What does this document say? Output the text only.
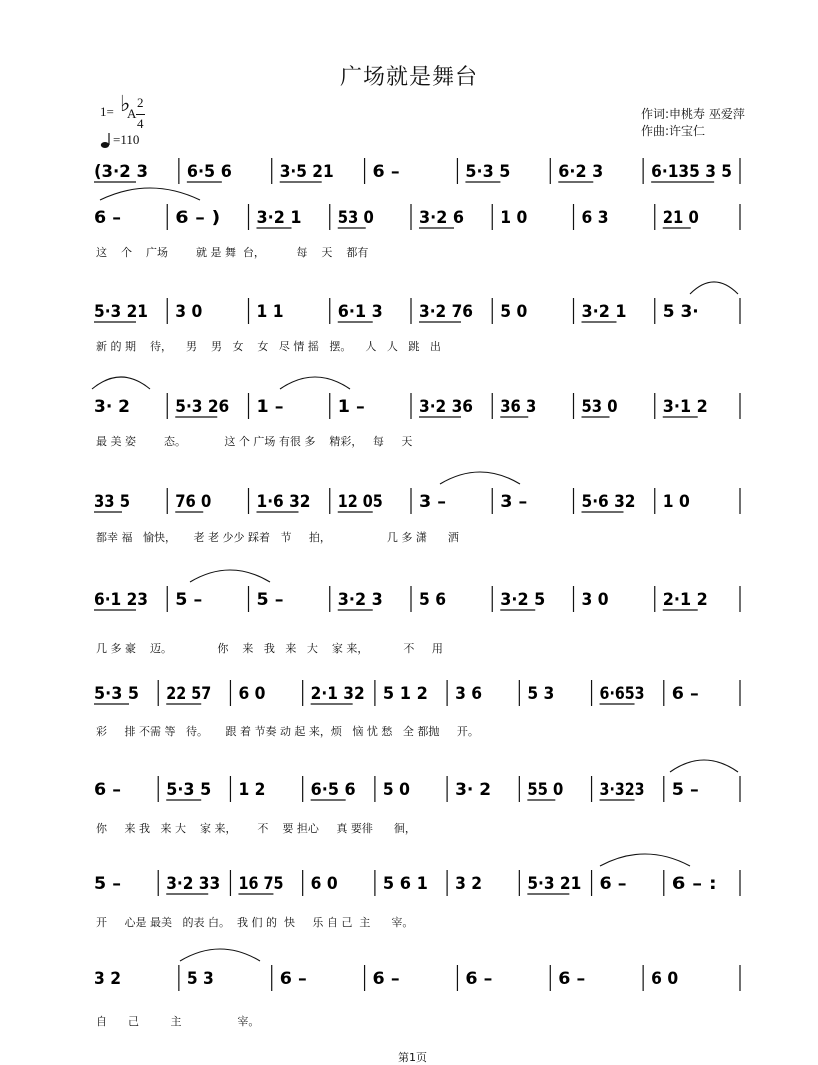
广场就是舞台
1= ♭
A
2
4
=110
作词:申桃寿 巫爱萍
作曲:许宝仁
(3·2 3 6·5 6	3·5 21 6 –	5·3 5	6·2 3	6·135 3 5
6 –	6 – ) 3·2 1 53 0	3·2 6 1 0	6 3	21 0
这    个    广场        就 是 舞  台，         每    天    都有
5·3 21 3 0	1 1	6·1 3 3·2 76 5 0	3·2 1 5 3·
新 的 期    待，    男    男   女    女   尽 情 摇   摆。    人   人   跳   出
3· 2	5·3 26 1 –	1 –	3·2 36 36 3	53 0	3·1 2
最 美 姿        态。           这 个 广场 有很 多    精彩，   每     天
33 5	76 0	1·6 32 12 05 3 –	3 –	5·6 32 1 0
都幸 福   愉快，     老 老 少少 踩着   节     拍，                几 多 潇      洒
6·1 23 5 –	5 –	3·2 3 5 6	3·2 5 3 0	2·1 2
几 多 豪    迈。             你    来   我   来   大    家 来，          不     用
5·3 5 22 57 6 0	2·1 32 5 1 2 3 6	5 3	6·653 6 –
彩     排 不需 等   待。     跟 着 节奏 动 起 来，烦   恼 忧 愁   全 都抛     开。
6 –	5·3 5 1 2	6·5 6 5 0	3· 2 55 0 3·323 5 –
你     来 我   来 大    家 来，      不    要 担心     真 要徘      徊，
5 –	3·2 33 16 75 6 0	5 6 1 3 2	5·3 21 6 –	6 – :
开     心是 最美   的表 白。  我 们 的  快     乐 自 己  主      宰。
3 2	5 3	6 –	6 –	6 –	6 –	6 0
自      己         主                宰。
第1页
